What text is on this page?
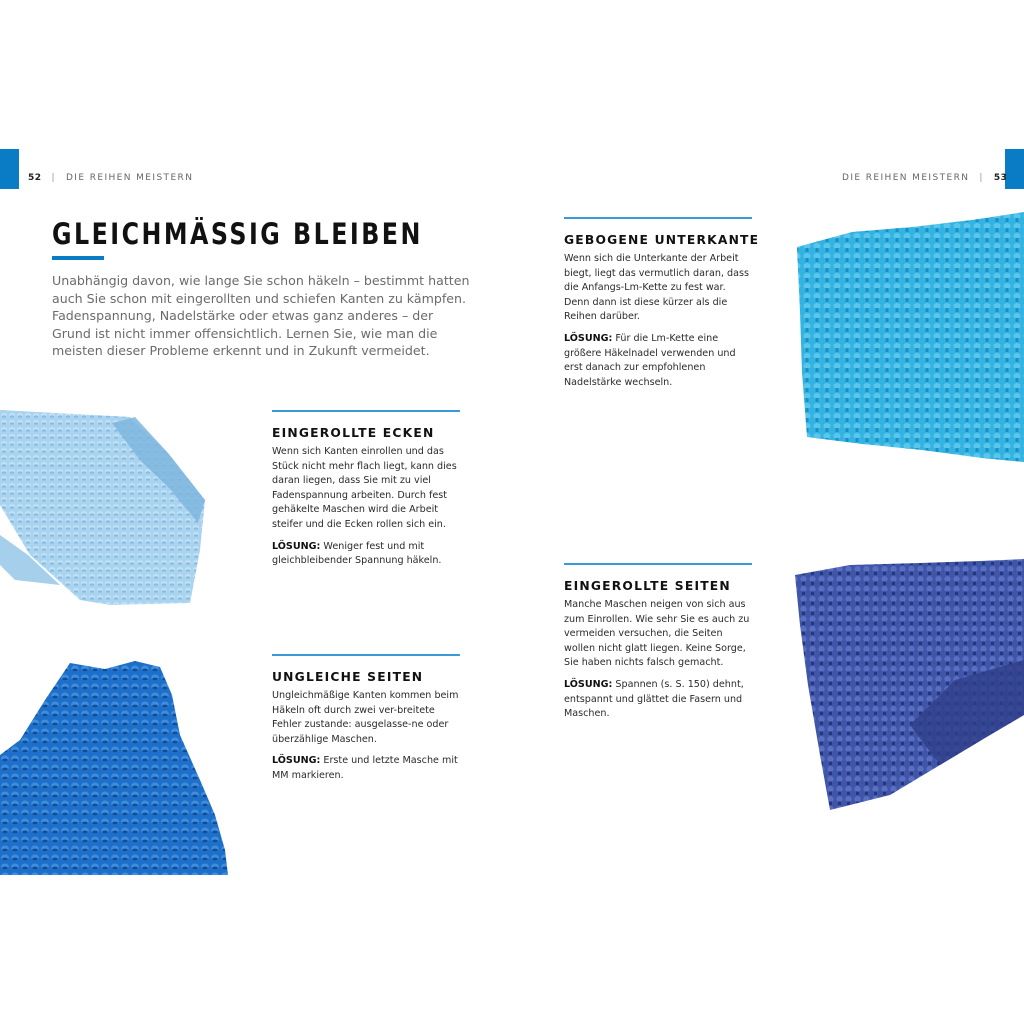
52 | DIE REIHEN MEISTERN	DIE REIHEN MEISTERN | 53
GLEICHMÄSSIG BLEIBEN

Unabhängig davon, wie lange Sie schon häkeln – bestimmt hatten auch Sie schon mit eingerollten und schiefen Kanten zu kämpfen. Fadenspannung, Nadelstärke oder etwas ganz anderes – der Grund ist nicht immer offensichtlich. Lernen Sie, wie man die meisten dieser Probleme erkennt und in Zukunft vermeidet.

EINGEROLLTE ECKEN

Wenn sich Kanten einrollen und das Stück nicht mehr flach liegt, kann dies daran liegen, dass Sie mit zu viel Fadenspannung arbeiten. Durch fest gehäkelte Maschen wird die Arbeit steifer und die Ecken rollen sich ein.

LÖSUNG: Weniger fest und mit gleichbleibender Spannung häkeln.

UNGLEICHE SEITEN

Ungleichmäßige Kanten kommen beim Häkeln oft durch zwei ver-breitete Fehler zustande: ausgelasse-ne oder überzählige Maschen.

LÖSUNG: Erste und letzte Masche mit MM markieren.

GEBOGENE UNTERKANTE

Wenn sich die Unterkante der Arbeit biegt, liegt das vermutlich daran, dass die Anfangs-Lm-Kette zu fest war. Denn dann ist diese kürzer als die Reihen darüber.

LÖSUNG: Für die Lm-Kette eine größere Häkelnadel verwenden und erst danach zur empfohlenen Nadelstärke wechseln.

EINGEROLLTE SEITEN

Manche Maschen neigen von sich aus zum Einrollen. Wie sehr Sie es auch zu vermeiden versuchen, die Seiten wollen nicht glatt liegen. Keine Sorge, Sie haben nichts falsch gemacht.

LÖSUNG: Spannen (s. S. 150) dehnt, entspannt und glättet die Fasern und Maschen.
